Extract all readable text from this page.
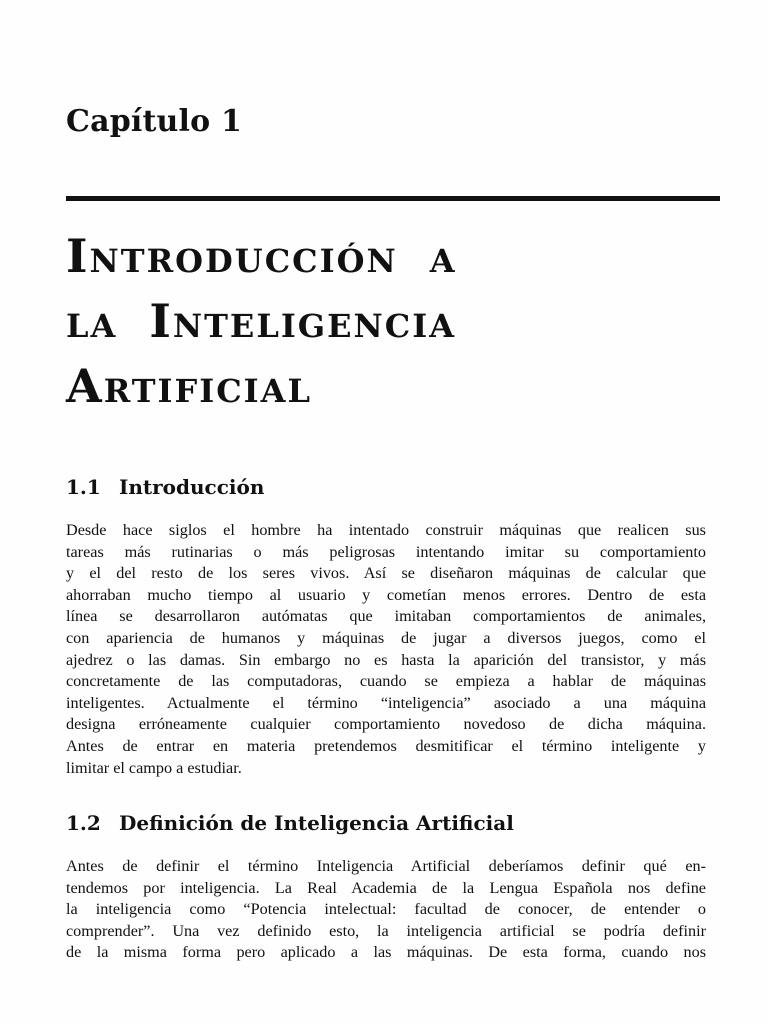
Capítulo 1
Introducción a
la Inteligencia
Artificial
1.1 Introducción

Desde hace siglos el hombre ha intentado construir máquinas que realicen sus
tareas más rutinarias o más peligrosas intentando imitar su comportamiento
y el del resto de los seres vivos. Así se diseñaron máquinas de calcular que
ahorraban mucho tiempo al usuario y cometían menos errores. Dentro de esta
línea se desarrollaron autómatas que imitaban comportamientos de animales,
con apariencia de humanos y máquinas de jugar a diversos juegos, como el
ajedrez o las damas. Sin embargo no es hasta la aparición del transistor, y más
concretamente de las computadoras, cuando se empieza a hablar de máquinas
inteligentes. Actualmente el término “inteligencia” asociado a una máquina
designa erróneamente cualquier comportamiento novedoso de dicha máquina.
Antes de entrar en materia pretendemos desmitificar el término inteligente y
limitar el campo a estudiar.

1.2 Definición de Inteligencia Artificial

Antes de definir el término Inteligencia Artificial deberíamos definir qué en-
tendemos por inteligencia. La Real Academia de la Lengua Española nos define
la inteligencia como “Potencia intelectual: facultad de conocer, de entender o
comprender”. Una vez definido esto, la inteligencia artificial se podría definir
de la misma forma pero aplicado a las máquinas. De esta forma, cuando nos
